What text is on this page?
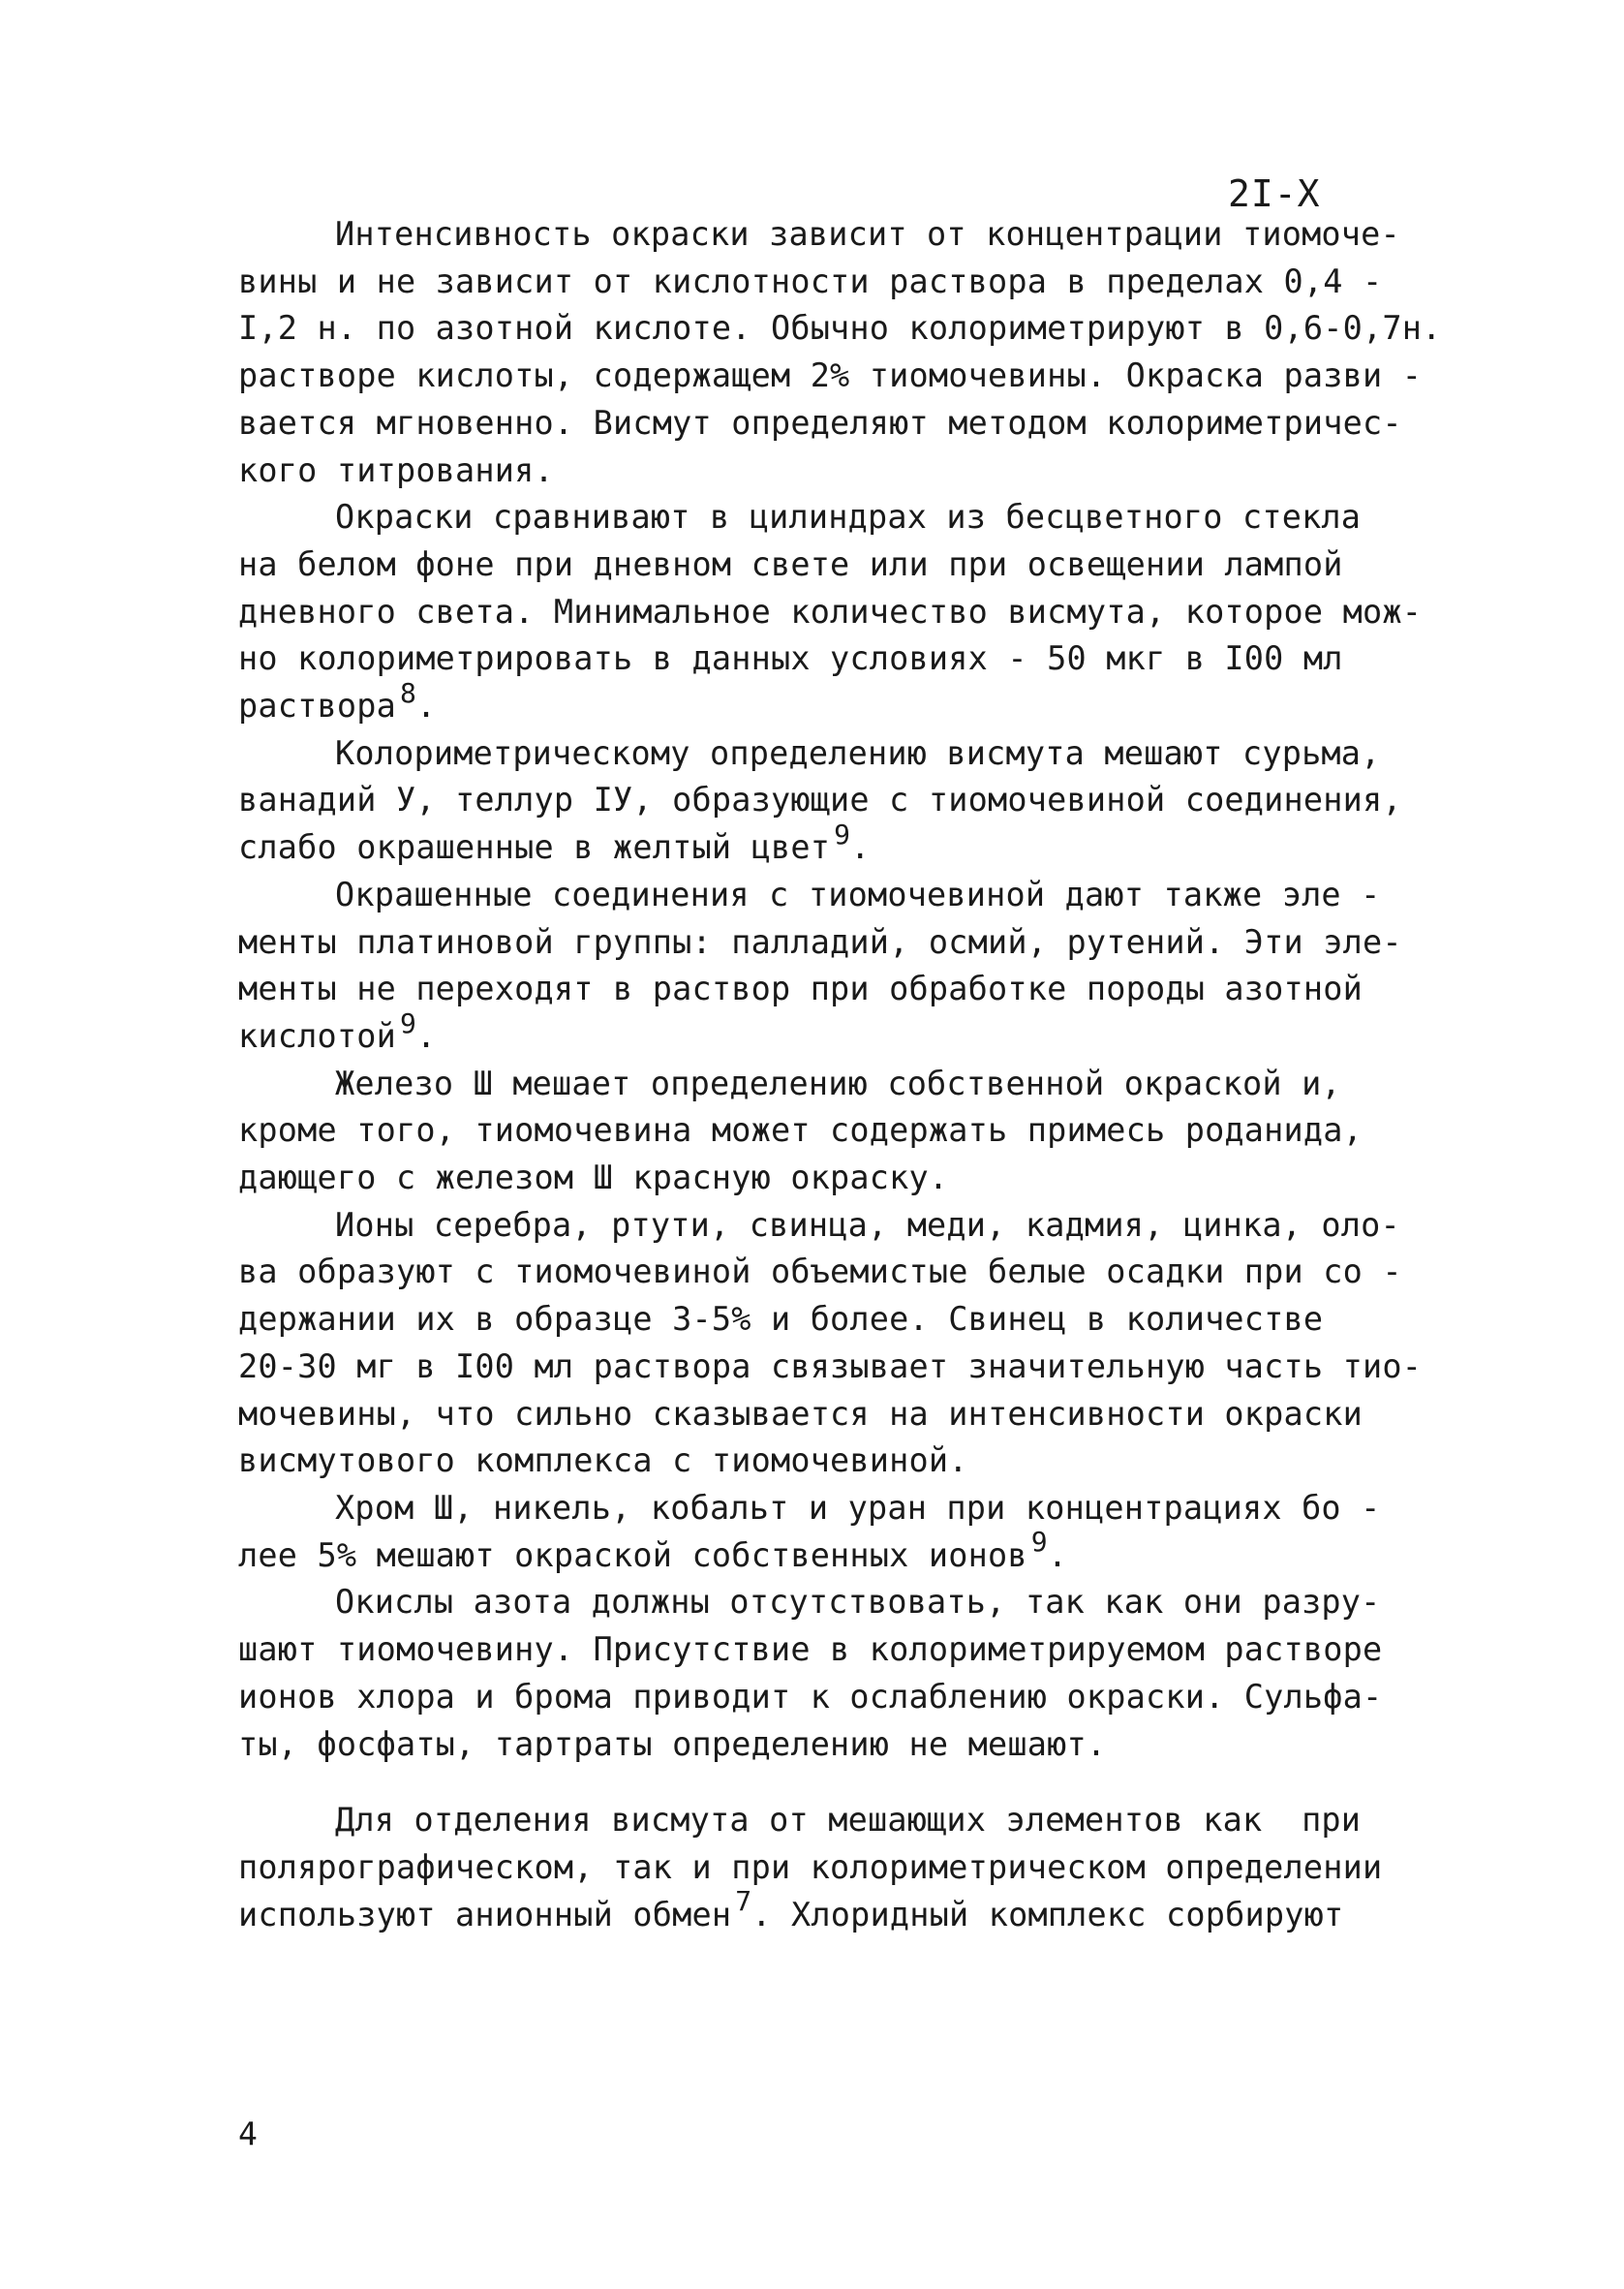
2I-X

Интенсивность окраски зависит от концентрации тиомоче-
вины и не зависит от кислотности раствора в пределах 0,4 -
I,2 н. по азотной кислоте. Обычно колориметрируют в 0,6-0,7н.
растворе кислоты, содержащем 2% тиомочевины. Окраска разви -
вается мгновенно. Висмут определяют методом колориметричес-
кого титрования.

Окраски сравнивают в цилиндрах из бесцветного стекла
на белом фоне при дневном свете или при освещении лампой
дневного света. Минимальное количество висмута, которое мож-
но колориметрировать в данных условиях - 50 мкг в I00 мл
раствора $^8$.

Колориметрическому определению висмута мешают сурьма,
ванадий У, теллур IУ, образующие с тиомочевиной соединения,
слабо окрашенные в желтый цвет $^9$.

Окрашенные соединения с тиомочевиной дают также эле -
менты платиновой группы: палладий, осмий, рутений. Эти эле-
менты не переходят в раствор при обработке породы азотной
кислотой $^9$.

Железо Ш мешает определению собственной окраской и,
кроме того, тиомочевина может содержать примесь роданида,
дающего с железом Ш красную окраску.

Ионы серебра, ртути, свинца, меди, кадмия, цинка, оло-
ва образуют с тиомочевиной объемистые белые осадки при со -
держании их в образце 3-5% и более. Свинец в количестве
20-30 мг в I00 мл раствора связывает значительную часть тио-
мочевины, что сильно сказывается на интенсивности окраски
висмутового комплекса с тиомочевиной.

Хром Ш, никель, кобальт и уран при концентрациях бо -
лее 5% мешают окраской собственных ионов $^9$.

Окислы азота должны отсутствовать, так как они разру-
шают тиомочевину. Присутствие в колориметрируемом растворе
ионов хлора и брома приводит к ослаблению окраски. Сульфа-
ты, фосфаты, тартраты определению не мешают.

Для отделения висмута от мешающих элементов как  при
полярографическом, так и при колориметрическом определении
используют анионный обмен $^7$. Хлоридный комплекс сорбируют

4
